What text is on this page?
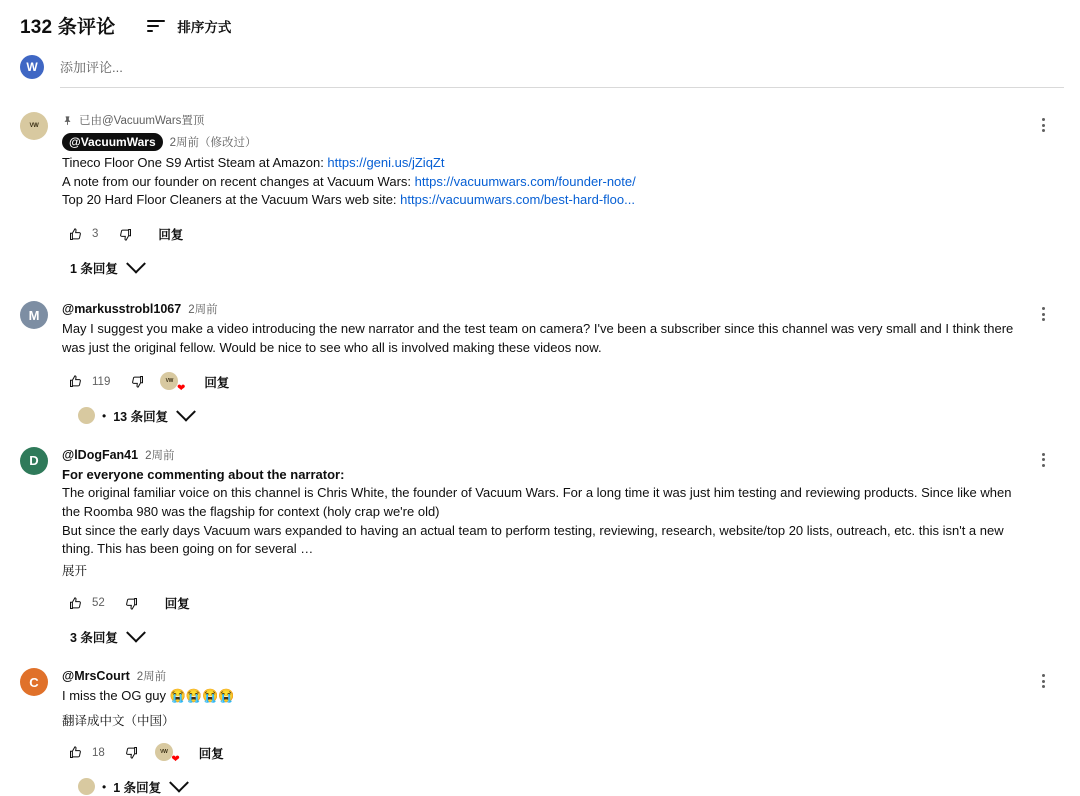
132 条评论	排序方式
W 添加评论...
VW	已由@VacuumWars置顶
@VacuumWars	2周前（修改过）
Tineco Floor One S9 Artist Steam at Amazon: https://geni.us/jZiqZt
A note from our founder on recent changes at Vacuum Wars: https://vacuumwars.com/founder-note/
Top 20 Hard Floor Cleaners at the Vacuum Wars web site: https://vacuumwars.com/best-hard-floo...
3	回复
1 条回复
M @markusstrobl1067 2周前
May I suggest you make a video introducing the new narrator and the test team on camera? I've been a subscriber since this channel was very small and I think there was just the original fellow. Would be nice to see who all is involved making these videos now.
119	VW
❤	回复
• 13 条回复
D @lDogFan41 2周前
For everyone commenting about the narrator:
The original familiar voice on this channel is Chris White, the founder of Vacuum Wars. For a long time it was just him testing and reviewing products. Since like when the Roomba 980 was the flagship for context (holy crap we're old)
But since the early days Vacuum wars expanded to having an actual team to perform testing, reviewing, research, website/top 20 lists, outreach, etc. this isn't a new thing. This has been going on for several …
展开
52	回复
3 条回复
C @MrsCourt 2周前
I miss the OG guy 😭😭😭😭
翻译成中文（中国）
18	VW
❤	回复
• 1 条回复
